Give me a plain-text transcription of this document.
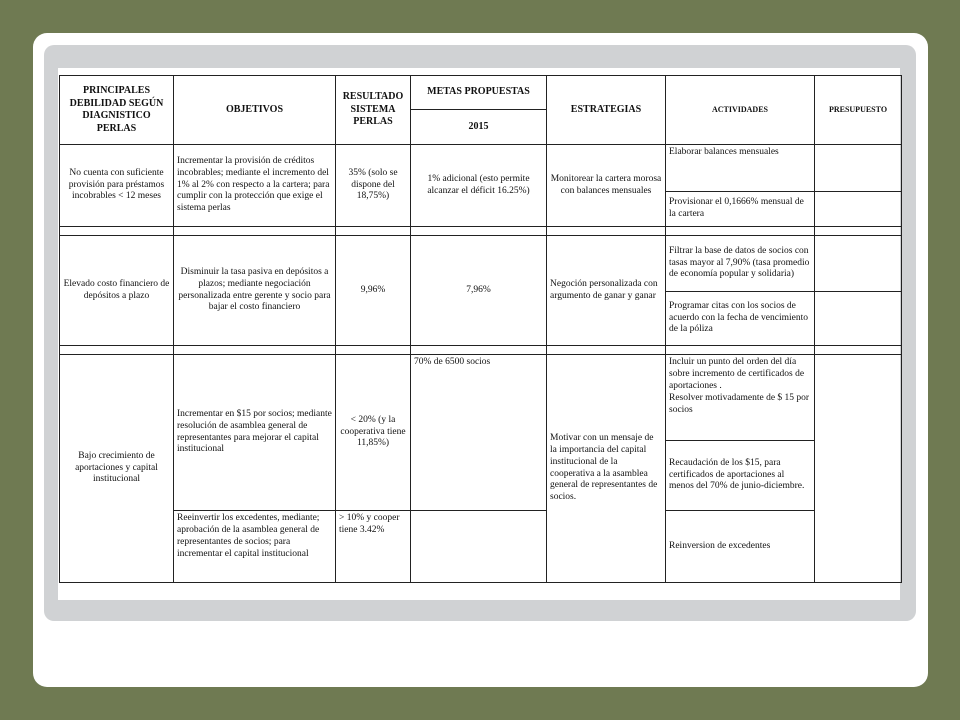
PRINCIPALES DEBILIDAD SEGÚN DIAGNISTICO PERLAS	OBJETIVOS	RESULTADO SISTEMA PERLAS	METAS PROPUESTAS	ESTRATEGIAS	ACTIVIDADES	PRESUPUESTO
			2015			
No cuenta con suficiente provisión para préstamos incobrables < 12 meses	Incrementar la provisión de créditos incobrables; mediante el incremento del 1% al 2% con respecto a la cartera; para cumplir con la protección que exige el sistema perlas	35% (solo se dispone del 18,75%)	1% adicional (esto permite alcanzar el déficit 16.25%)	Monitorear la cartera morosa con balances mensuales	Elaborar balances mensuales	
					Provisionar el 0,1666% mensual de la cartera	

Elevado costo financiero de depósitos a plazo	Disminuir la tasa pasiva en depósitos a plazos; mediante negociación personalizada entre gerente y socio para bajar el costo financiero	9,96%	7,96%	Negoción personalizada con argumento de ganar y ganar	Filtrar la base de datos de socios con tasas mayor al 7,90% (tasa promedio de economía popular y solidaria)	
					Programar citas con los socios de acuerdo con la fecha de vencimiento de la póliza	

Bajo crecimiento de aportaciones y capital institucional	Incrementar en $15 por socios; mediante resolución de asamblea general de representantes para mejorar el capital institucional	< 20% (y la cooperativa tiene 11,85%)	70% de 6500 socios	Motivar con un mensaje de la importancia del capital institucional de la cooperativa a la asamblea general de representantes de socios.	Incluir un punto del orden del día sobre incremento de certificados de aportaciones .
Resolver motivadamente de $ 15 por socios	
					Recaudación de los $15, para certificados de aportaciones al menos del 70% de junio-diciembre.	
	Reeinvertir los excedentes, mediante; aprobación de la asamblea general de representantes de socios; para incrementar el capital institucional	> 10% y cooper tiene 3.42%			Reinversion de excedentes	
